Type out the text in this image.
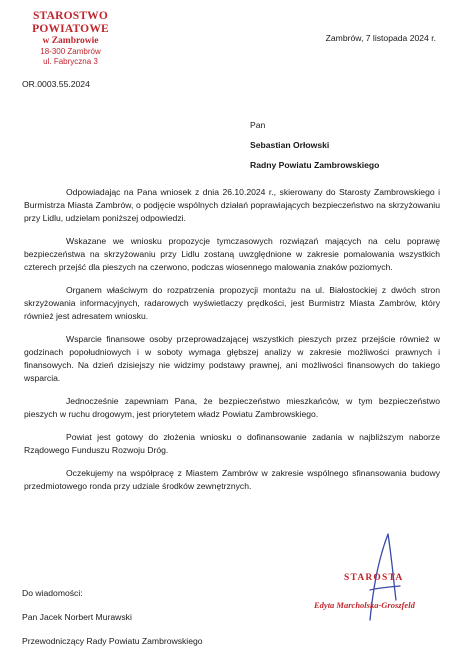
STAROSTWO POWIATOWE
w Zambrowie
18-300 Zambrów
ul. Fabryczna 3
Zambrów, 7 listopada 2024 r.
OR.0003.55.2024
Pan
Sebastian Orłowski
Radny Powiatu Zambrowskiego

Odpowiadając na Pana wniosek z dnia 26.10.2024 r., skierowany do Starosty Zambrowskiego i Burmistrza Miasta Zambrów, o podjęcie wspólnych działań poprawiających bezpieczeństwo na skrzyżowaniu przy Lidlu, udzielam poniższej odpowiedzi.

Wskazane we wniosku propozycje tymczasowych rozwiązań mających na celu poprawę bezpieczeństwa na skrzyżowaniu przy Lidlu zostaną uwzględnione w zakresie pomalowania wszystkich czterech przejść dla pieszych na czerwono, podczas wiosennego malowania znaków poziomych.

Organem właściwym do rozpatrzenia propozycji montażu na ul. Białostockiej z dwóch stron skrzyżowania informacyjnych, radarowych wyświetlaczy prędkości, jest Burmistrz Miasta Zambrów, który również jest adresatem wniosku.

Wsparcie finansowe osoby przeprowadzającej wszystkich pieszych przez przejście również w godzinach popołudniowych i w soboty wymaga głębszej analizy w zakresie możliwości prawnych i finansowych. Na dzień dzisiejszy nie widzimy podstawy prawnej, ani możliwości finansowych do takiego wsparcia.

Jednocześnie zapewniam Pana, że bezpieczeństwo mieszkańców, w tym bezpieczeństwo pieszych w ruchu drogowym, jest priorytetem władz Powiatu Zambrowskiego.

Powiat jest gotowy do złożenia wniosku o dofinansowanie zadania w najbliższym naborze Rządowego Funduszu Rozwoju Dróg.

Oczekujemy na współpracę z Miastem Zambrów w zakresie wspólnego sfinansowania budowy przedmiotowego ronda przy udziale środków zewnętrznych.

STAROSTA
Edyta Marcholska-Groszfeld
Do wiadomości:
Pan Jacek Norbert Murawski
Przewodniczący Rady Powiatu Zambrowskiego
